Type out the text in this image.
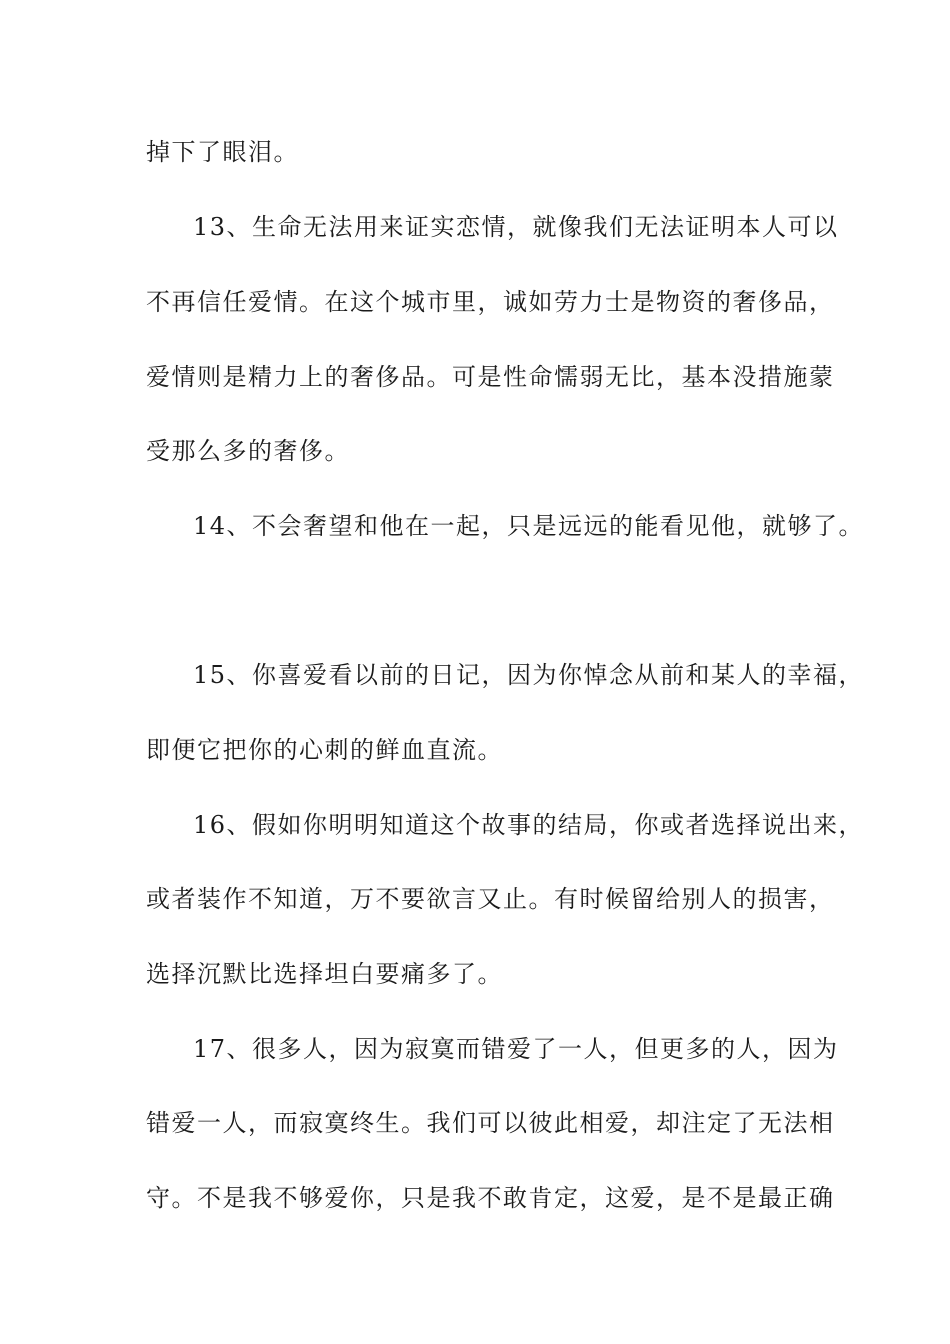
掉下了眼泪。
13、生命无法用来证实恋情，就像我们无法证明本人可以
不再信任爱情。在这个城市里，诚如劳力士是物资的奢侈品，
爱情则是精力上的奢侈品。可是性命懦弱无比，基本没措施蒙
受那么多的奢侈。
14、不会奢望和他在一起，只是远远的能看见他，就够了。
15、你喜爱看以前的日记，因为你悼念从前和某人的幸福，
即便它把你的心刺的鲜血直流。
16、假如你明明知道这个故事的结局，你或者选择说出来，
或者装作不知道，万不要欲言又止。有时候留给别人的损害，
选择沉默比选择坦白要痛多了。
17、很多人，因为寂寞而错爱了一人，但更多的人，因为
错爱一人，而寂寞终生。我们可以彼此相爱，却注定了无法相
守。不是我不够爱你，只是我不敢肯定，这爱，是不是最正确
